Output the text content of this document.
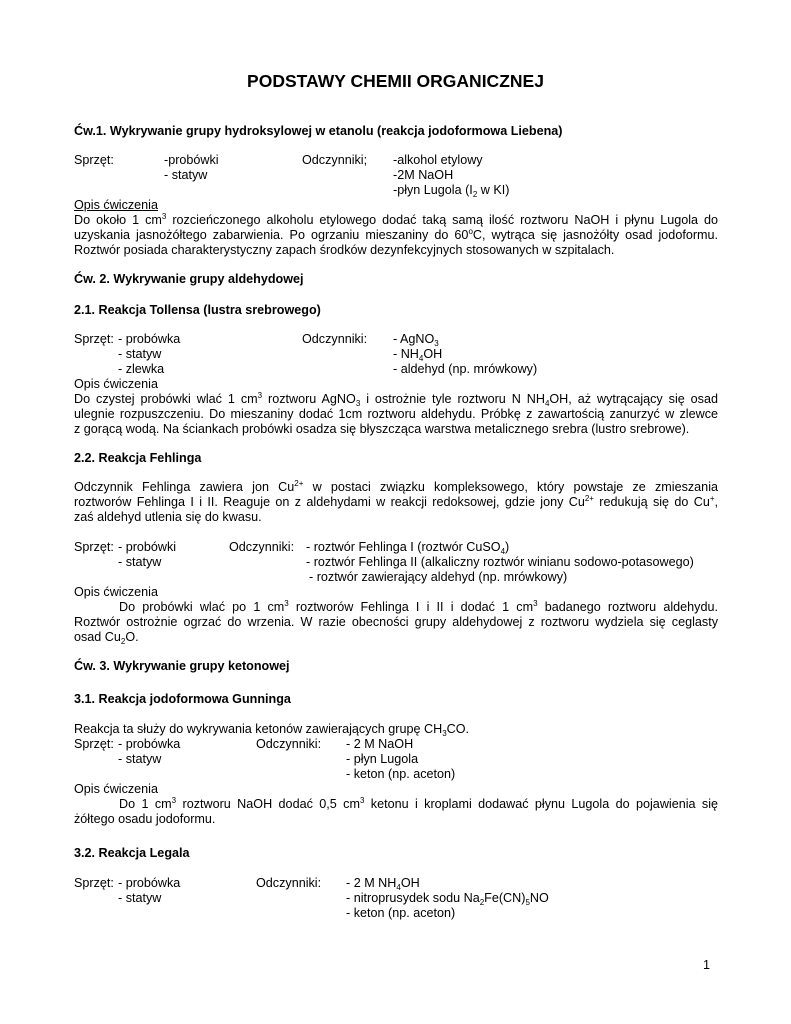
PODSTAWY CHEMII ORGANICZNEJ
Ćw.1. Wykrywanie grupy hydroksylowej w etanolu (reakcja jodoformowa Liebena)
Sprzęt:	-probówki
- statyw
Odczynniki; -alkohol etylowy
-2M NaOH
-płyn Lugola ($I_2$ w KI)
Opis ćwiczenia
Do około 1 $cm^3$ rozcieńczonego alkoholu etylowego dodać taką samą ilość roztworu NaOH i płynu Lugola do
uzyskania jasnożółtego zabarwienia. Po ogrzaniu mieszaniny do 60$^o$C, wytrąca się jasnożółty osad jodoformu.
Roztwór posiada charakterystyczny zapach środków dezynfekcyjnych stosowanych w szpitalach.
Ćw. 2. Wykrywanie grupy aldehydowej
2.1. Reakcja Tollensa (lustra srebrowego)
Sprzęt: - probówka
- statyw
- zlewka
Odczynniki: - AgNO$_3$
- $NH_4OH$
- aldehyd (np. mrówkowy)
Opis ćwiczenia
Do czystej probówki wlać 1 $cm^3$ roztworu AgNO$_3$ i ostrożnie tyle roztworu N $NH_4OH$, aż wytrącający się osad
ulegnie rozpuszczeniu. Do mieszaniny dodać 1cm roztworu aldehydu. Próbkę z zawartością zanurzyć w zlewce
z gorącą wodą. Na ściankach probówki osadza się błyszcząca warstwa metalicznego srebra (lustro srebrowe).
2.2. Reakcja Fehlinga
Odczynnik Fehlinga zawiera jon $Cu^{2+}$ w postaci związku kompleksowego, który powstaje ze zmieszania
roztworów Fehlinga I i II. Reaguje on z aldehydami w reakcji redoksowej, gdzie jony $Cu^{2+}$ redukują się do Cu+,
zaś aldehyd utlenia się do kwasu.
Sprzęt: - probówki
- statyw
Odczynniki: - roztwór Fehlinga I (roztwór CuSO$_4$)
- roztwór Fehlinga II (alkaliczny roztwór winianu sodowo-potasowego)
- roztwór zawierający aldehyd (np. mrówkowy)
Opis ćwiczenia
Do probówki wlać po 1 $cm^3$ roztworów Fehlinga I i II i dodać 1 $cm^3$ badanego roztworu aldehydu.
Roztwór ostrożnie ogrzać do wrzenia. W razie obecności grupy aldehydowej z roztworu wydziela się ceglasty
osad $Cu_2O$.
Ćw. 3. Wykrywanie grupy ketonowej
3.1. Reakcja jodoformowa Gunninga
Reakcja ta służy do wykrywania ketonów zawierających grupę $CH_3CO$.
Sprzęt: - probówka
- statyw
Odczynniki: - 2 M NaOH
- płyn Lugola
- keton (np. aceton)
Opis ćwiczenia
Do 1 $cm^3$ roztworu NaOH dodać 0,5 $cm^3$ ketonu i kroplami dodawać płynu Lugola do pojawienia się
żółtego osadu jodoformu.
3.2. Reakcja Legala
Sprzęt: - probówka
- statyw
Odczynniki: - 2 M $NH_4OH$
- nitroprusydek sodu $Na_2Fe(CN)_5NO$
- keton (np. aceton)
1
